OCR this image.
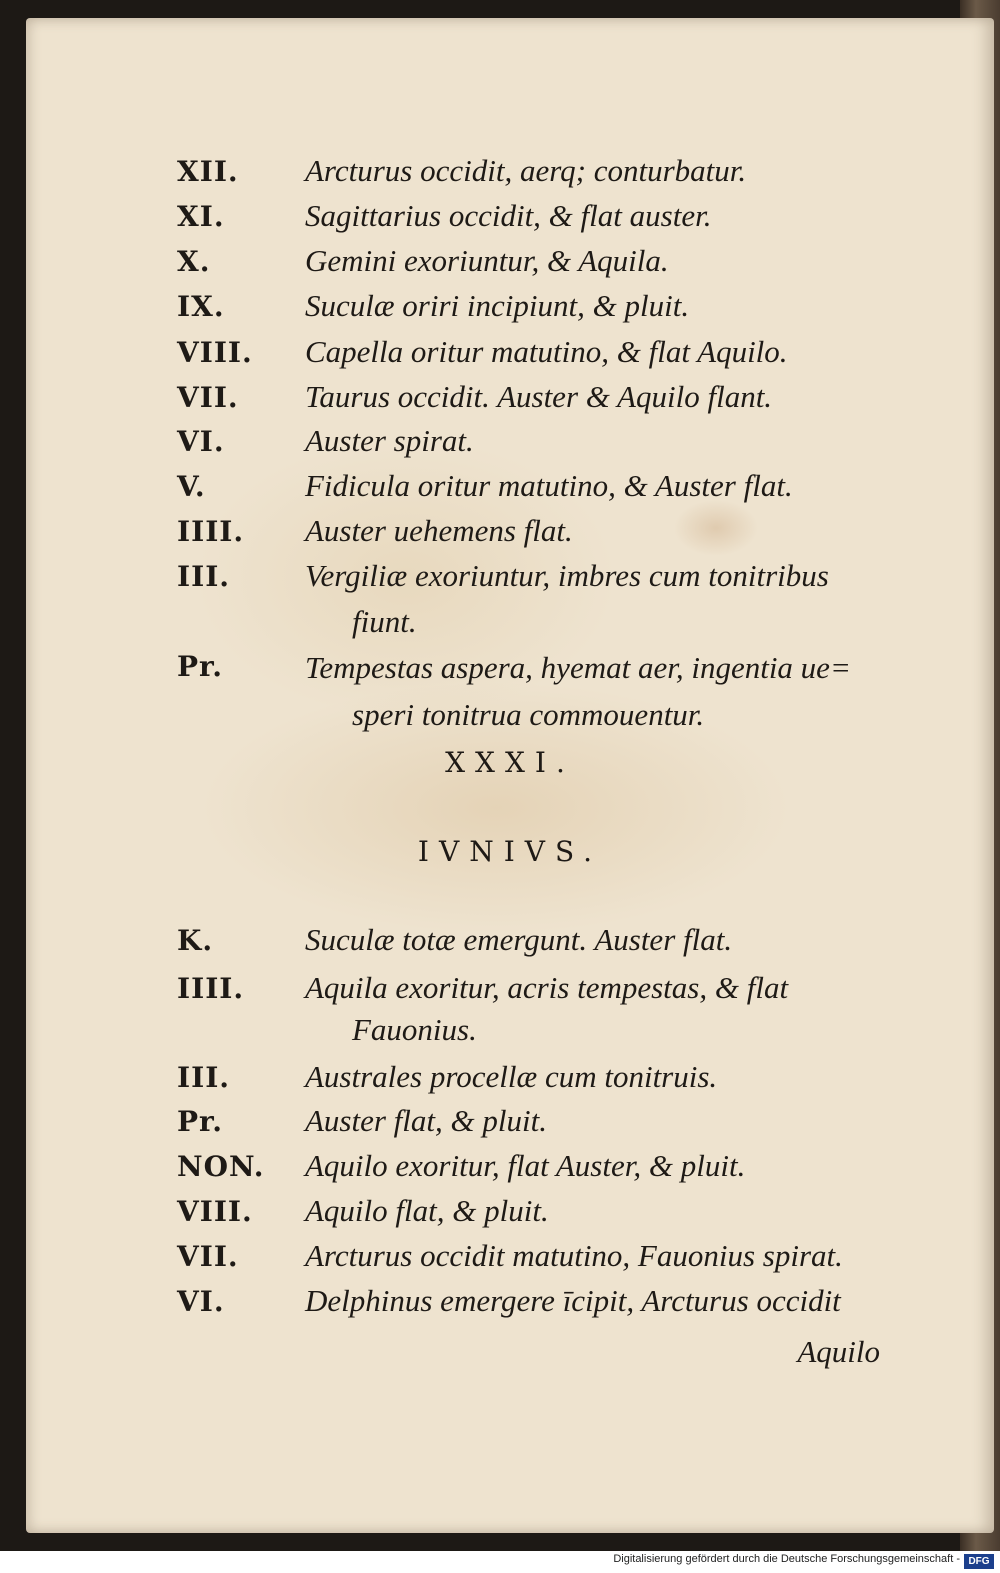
XII. Arcturus occidit, aerq; conturbatur.
XI.	Sagittarius occidit, & flat auster.
X.	Gemini exoriuntur, & Aquila.
IX.	Suculæ oriri incipiunt, & pluit.
VIII. Capella oritur matutino, & flat Aquilo.
VII. Taurus occidit. Auster & Aquilo flant.
VI.	Auster spirat.
V.	Fidicula oritur matutino, & Auster flat.
IIII. Auster uehemens flat.
III. Vergiliæ exoriuntur, imbres cum tonitribus
fiunt.
Pr.	Tempestas aspera, hyemat aer, ingentia ue=
speri tonitrua commouentur.
XXXI.
IVNIVS.
K.	Suculæ totæ emergunt. Auster flat.
IIII. Aquila exoritur, acris tempestas, & flat
Fauonius.
III. Australes procellæ cum tonitruis.
Pr.	Auster flat, & pluit.
NON. Aquilo exoritur, flat Auster, & pluit.
VIII. Aquilo flat, & pluit.
VII. Arcturus occidit matutino, Fauonius spirat.
VI.	Delphinus emergere īcipit, Arcturus occidit
Aquilo
Digitalisierung gefördert durch die Deutsche Forschungsgemeinschaft - DFG
